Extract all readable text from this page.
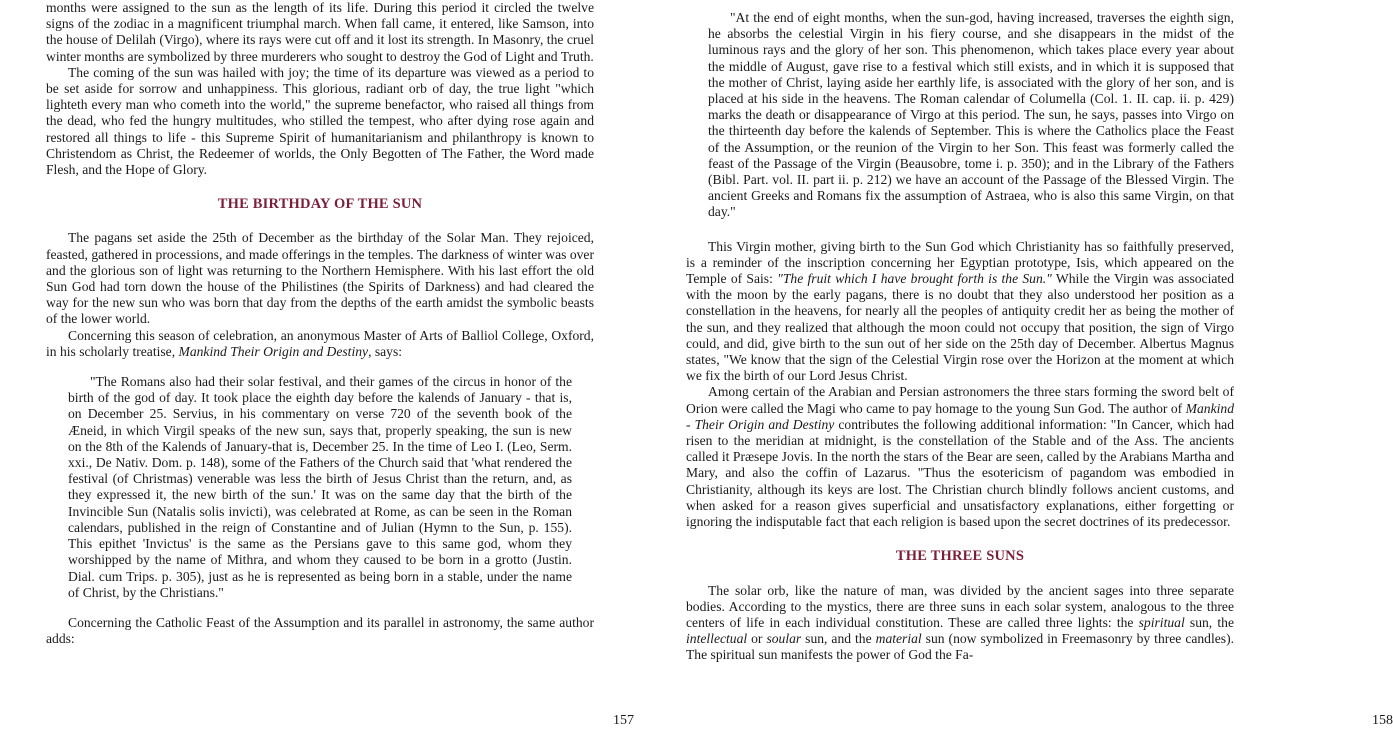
months were assigned to the sun as the length of its life. During this period it circled the twelve signs of the zodiac in a magnificent triumphal march. When fall came, it entered, like Samson, into the house of Delilah (Virgo), where its rays were cut off and it lost its strength. In Masonry, the cruel winter months are symbolized by three murderers who sought to destroy the God of Light and Truth.

The coming of the sun was hailed with joy; the time of its departure was viewed as a period to be set aside for sorrow and unhappiness. This glorious, radiant orb of day, the true light "which lighteth every man who cometh into the world," the supreme benefactor, who raised all things from the dead, who fed the hungry multitudes, who stilled the tempest, who after dying rose again and restored all things to life - this Supreme Spirit of humanitarianism and philanthropy is known to Christendom as Christ, the Redeemer of worlds, the Only Begotten of The Father, the Word made Flesh, and the Hope of Glory.

THE BIRTHDAY OF THE SUN

The pagans set aside the 25th of December as the birthday of the Solar Man. They rejoiced, feasted, gathered in processions, and made offerings in the temples. The darkness of winter was over and the glorious son of light was returning to the Northern Hemisphere. With his last effort the old Sun God had torn down the house of the Philistines (the Spirits of Darkness) and had cleared the way for the new sun who was born that day from the depths of the earth amidst the symbolic beasts of the lower world.

Concerning this season of celebration, an anonymous Master of Arts of Balliol College, Oxford, in his scholarly treatise, Mankind Their Origin and Destiny, says:

"The Romans also had their solar festival, and their games of the circus in honor of the birth of the god of day. It took place the eighth day before the kalends of January - that is, on December 25. Servius, in his commentary on verse 720 of the seventh book of the Æneid, in which Virgil speaks of the new sun, says that, properly speaking, the sun is new on the 8th of the Kalends of January-that is, December 25. In the time of Leo I. (Leo, Serm. xxi., De Nativ. Dom. p. 148), some of the Fathers of the Church said that 'what rendered the festival (of Christmas) venerable was less the birth of Jesus Christ than the return, and, as they expressed it, the new birth of the sun.' It was on the same day that the birth of the Invincible Sun (Natalis solis invicti), was celebrated at Rome, as can be seen in the Roman calendars, published in the reign of Constantine and of Julian (Hymn to the Sun, p. 155). This epithet 'Invictus' is the same as the Persians gave to this same god, whom they worshipped by the name of Mithra, and whom they caused to be born in a grotto (Justin. Dial. cum Trips. p. 305), just as he is represented as being born in a stable, under the name of Christ, by the Christians."

Concerning the Catholic Feast of the Assumption and its parallel in astronomy, the same author adds:

157

"At the end of eight months, when the sun-god, having increased, traverses the eighth sign, he absorbs the celestial Virgin in his fiery course, and she disappears in the midst of the luminous rays and the glory of her son. This phenomenon, which takes place every year about the middle of August, gave rise to a festival which still exists, and in which it is supposed that the mother of Christ, laying aside her earthly life, is associated with the glory of her son, and is placed at his side in the heavens. The Roman calendar of Columella (Col. 1. II. cap. ii. p. 429) marks the death or disappearance of Virgo at this period. The sun, he says, passes into Virgo on the thirteenth day before the kalends of September. This is where the Catholics place the Feast of the Assumption, or the reunion of the Virgin to her Son. This feast was formerly called the feast of the Passage of the Virgin (Beausobre, tome i. p. 350); and in the Library of the Fathers (Bibl. Part. vol. II. part ii. p. 212) we have an account of the Passage of the Blessed Virgin. The ancient Greeks and Romans fix the assumption of Astraea, who is also this same Virgin, on that day."

This Virgin mother, giving birth to the Sun God which Christianity has so faithfully preserved, is a reminder of the inscription concerning her Egyptian prototype, Isis, which appeared on the Temple of Sais: "The fruit which I have brought forth is the Sun." While the Virgin was associated with the moon by the early pagans, there is no doubt that they also understood her position as a constellation in the heavens, for nearly all the peoples of antiquity credit her as being the mother of the sun, and they realized that although the moon could not occupy that position, the sign of Virgo could, and did, give birth to the sun out of her side on the 25th day of December. Albertus Magnus states, "We know that the sign of the Celestial Virgin rose over the Horizon at the moment at which we fix the birth of our Lord Jesus Christ.

Among certain of the Arabian and Persian astronomers the three stars forming the sword belt of Orion were called the Magi who came to pay homage to the young Sun God. The author of Mankind - Their Origin and Destiny contributes the following additional information: "In Cancer, which had risen to the meridian at midnight, is the constellation of the Stable and of the Ass. The ancients called it Præsepe Jovis. In the north the stars of the Bear are seen, called by the Arabians Martha and Mary, and also the coffin of Lazarus. "Thus the esotericism of pagandom was embodied in Christianity, although its keys are lost. The Christian church blindly follows ancient customs, and when asked for a reason gives superficial and unsatisfactory explanations, either forgetting or ignoring the indisputable fact that each religion is based upon the secret doctrines of its predecessor.

THE THREE SUNS

The solar orb, like the nature of man, was divided by the ancient sages into three separate bodies. According to the mystics, there are three suns in each solar system, analogous to the three centers of life in each individual constitution. These are called three lights: the spiritual sun, the intellectual or soular sun, and the material sun (now symbolized in Freemasonry by three candles). The spiritual sun manifests the power of God the Fa-

158
